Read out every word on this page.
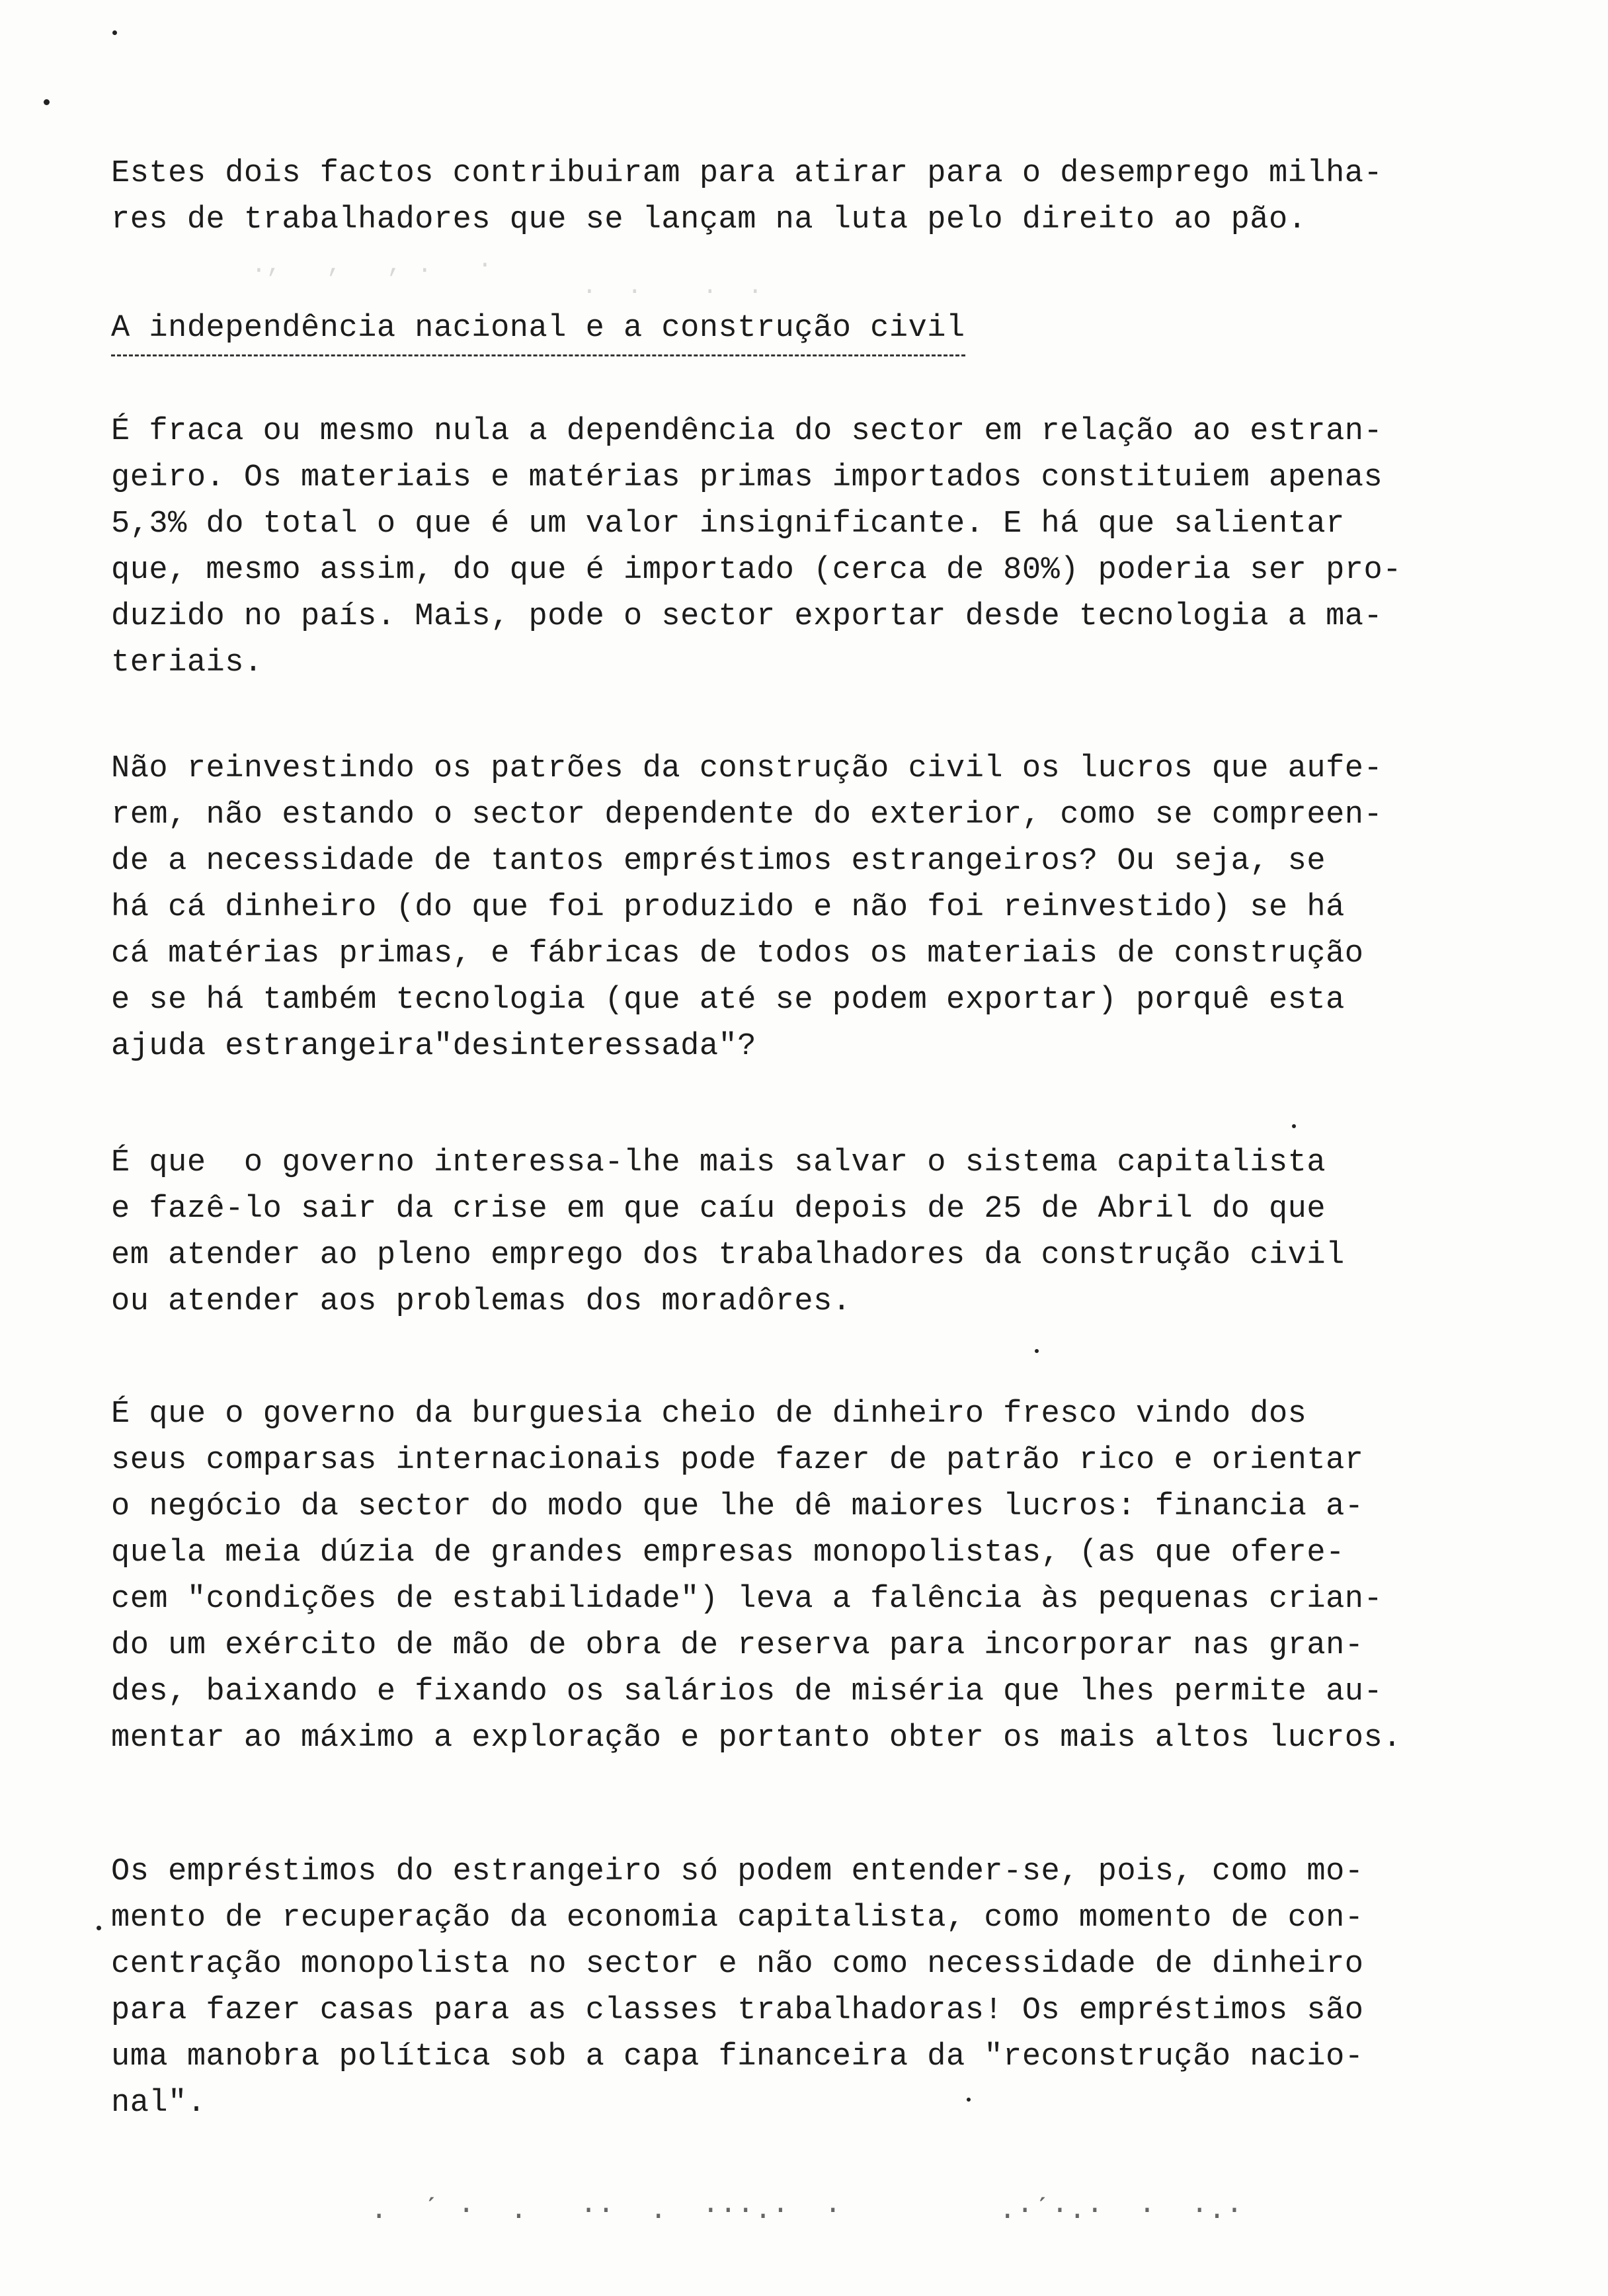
.,   ,   , .   ·
·  ·    ·  ·
Estes dois factos contribuiram para atirar para o desemprego milha-
res de trabalhadores que se lançam na luta pelo direito ao pão.
A independência nacional e a construção civil
É fraca ou mesmo nula a dependência do sector em relação ao estran-
geiro. Os materiais e matérias primas importados constituiem apenas
5,3% do total o que é um valor insignificante. E há que salientar
que, mesmo assim, do que é importado (cerca de 80%) poderia ser pro-
duzido no país. Mais, pode o sector exportar desde tecnologia a ma-
teriais.
Não reinvestindo os patrões da construção civil os lucros que aufe-
rem, não estando o sector dependente do exterior, como se compreen-
de a necessidade de tantos empréstimos estrangeiros? Ou seja, se
há cá dinheiro (do que foi produzido e não foi reinvestido) se há
cá matérias primas, e fábricas de todos os materiais de construção
e se há também tecnologia (que até se podem exportar) porquê esta
ajuda estrangeira"desinteressada"?
É que  o governo interessa-lhe mais salvar o sistema capitalista
e fazê-lo sair da crise em que caíu depois de 25 de Abril do que
em atender ao pleno emprego dos trabalhadores da construção civil
ou atender aos problemas dos moradôres.
É que o governo da burguesia cheio de dinheiro fresco vindo dos
seus comparsas internacionais pode fazer de patrão rico e orientar
o negócio da sector do modo que lhe dê maiores lucros: financia a-
quela meia dúzia de grandes empresas monopolistas, (as que ofere-
cem "condições de estabilidade") leva a falência às pequenas crian-
do um exército de mão de obra de reserva para incorporar nas gran-
des, baixando e fixando os salários de miséria que lhes permite au-
mentar ao máximo a exploração e portanto obter os mais altos lucros.
Os empréstimos do estrangeiro só podem entender-se, pois, como mo-
mento de recuperação da economia capitalista, como momento de con-
centração monopolista no sector e não como necessidade de dinheiro
para fazer casas para as classes trabalhadoras! Os empréstimos são
uma manobra política sob a capa financeira da "reconstrução nacio-
nal".
.  ˊ ·  .   ··  .  ···.·  ·         .·ˊ·.·  ·  ·.·
